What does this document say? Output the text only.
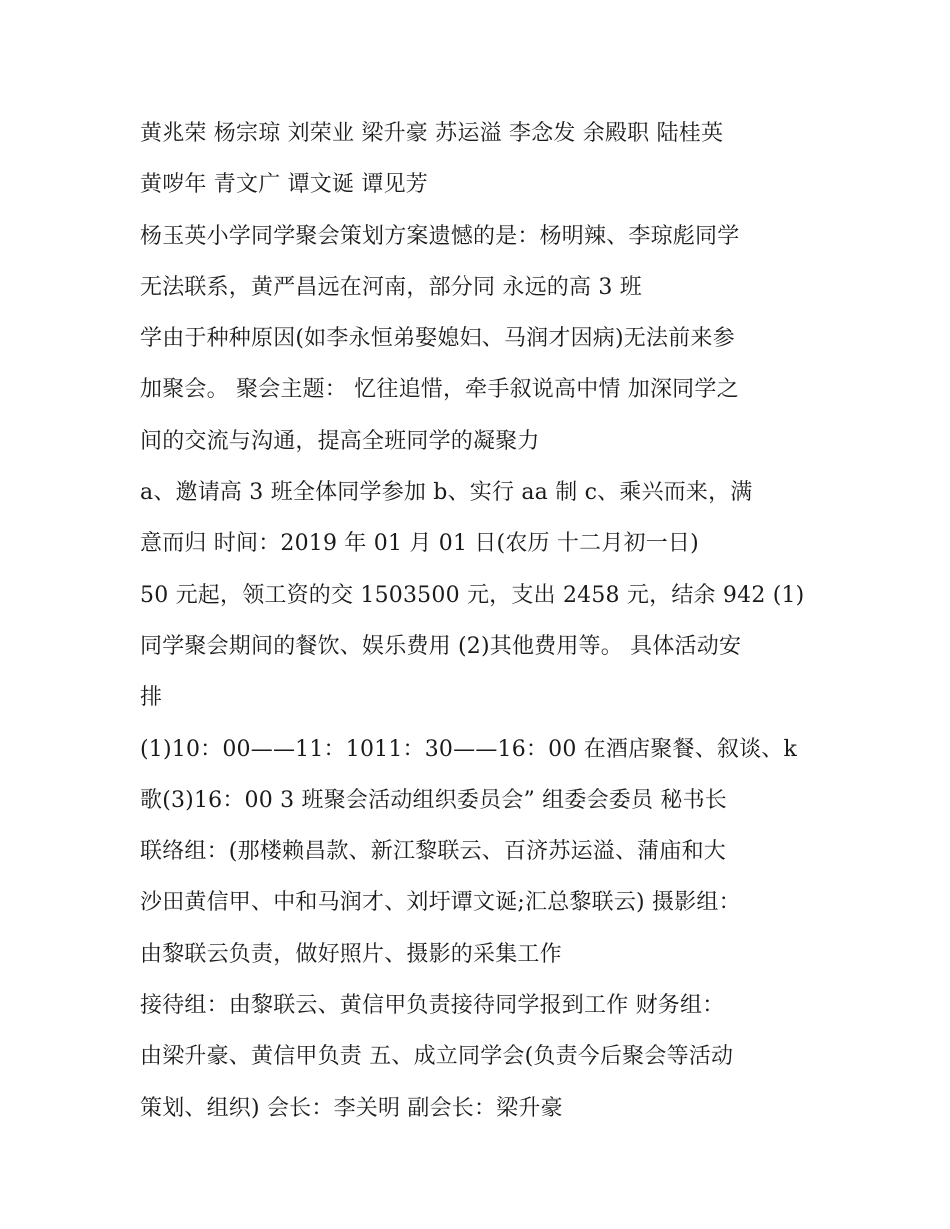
黄兆荣 杨宗琼 刘荣业 梁升豪 苏运溢 李念发 余殿职 陆桂英
黄哕年 青文广 谭文诞 谭见芳
杨玉英小学同学聚会策划方案遗憾的是：杨明辣、李琼彪同学
无法联系，黄严昌远在河南，部分同 永远的高 3 班
学由于种种原因(如李永恒弟娶媳妇、马润才因病)无法前来参
加聚会。 聚会主题： 忆往追惜，牵手叙说高中情 加深同学之
间的交流与沟通，提高全班同学的凝聚力
a、邀请高 3 班全体同学参加 b、实行 aa 制 c、乘兴而来，满
意而归 时间：2019 年 01 月 01 日(农历 十二月初一日)
50 元起，领工资的交 1503500 元，支出 2458 元，结余 942 (1)
同学聚会期间的餐饮、娱乐费用 (2)其他费用等。 具体活动安
排
(1)10：00——11：1011：30——16：00 在酒店聚餐、叙谈、k
歌(3)16：00 3 班聚会活动组织委员会” 组委会委员 秘书长
联络组：(那楼赖昌款、新江黎联云、百济苏运溢、蒲庙和大
沙田黄信甲、中和马润才、刘圩谭文诞;汇总黎联云) 摄影组：
由黎联云负责，做好照片、摄影的采集工作
接待组：由黎联云、黄信甲负责接待同学报到工作 财务组：
由梁升豪、黄信甲负责 五、成立同学会(负责今后聚会等活动
策划、组织) 会长：李关明 副会长：梁升豪
